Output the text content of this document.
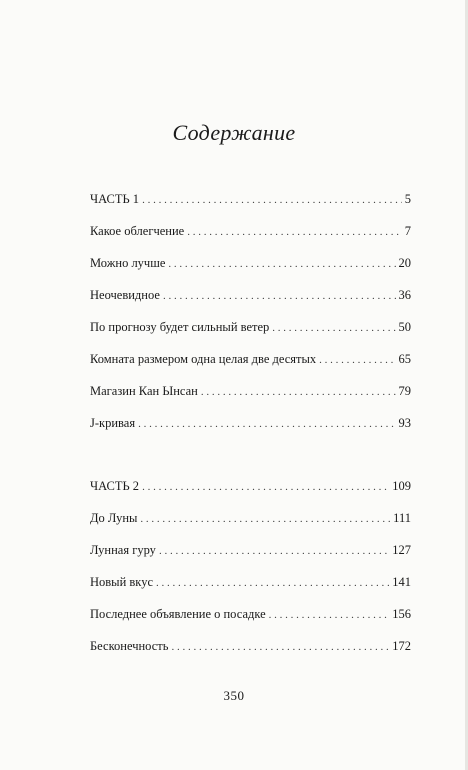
Содержание
ЧАСТЬ 1 . . .	5
Какое облегчение . . .	7
Можно лучше . . .	20
Неочевидное . . .	36
По прогнозу будет сильный ветер . . .	50
Комната размером одна целая две десятых . . .	65
Магазин Кан Ынсан . . .	79
J-кривая . . .	93
ЧАСТЬ 2 . . .	109
До Луны . . .	111
Лунная гуру . . .	127
Новый вкус . . .	141
Последнее объявление о посадке . . .	156
Бесконечность . . .	172
350
